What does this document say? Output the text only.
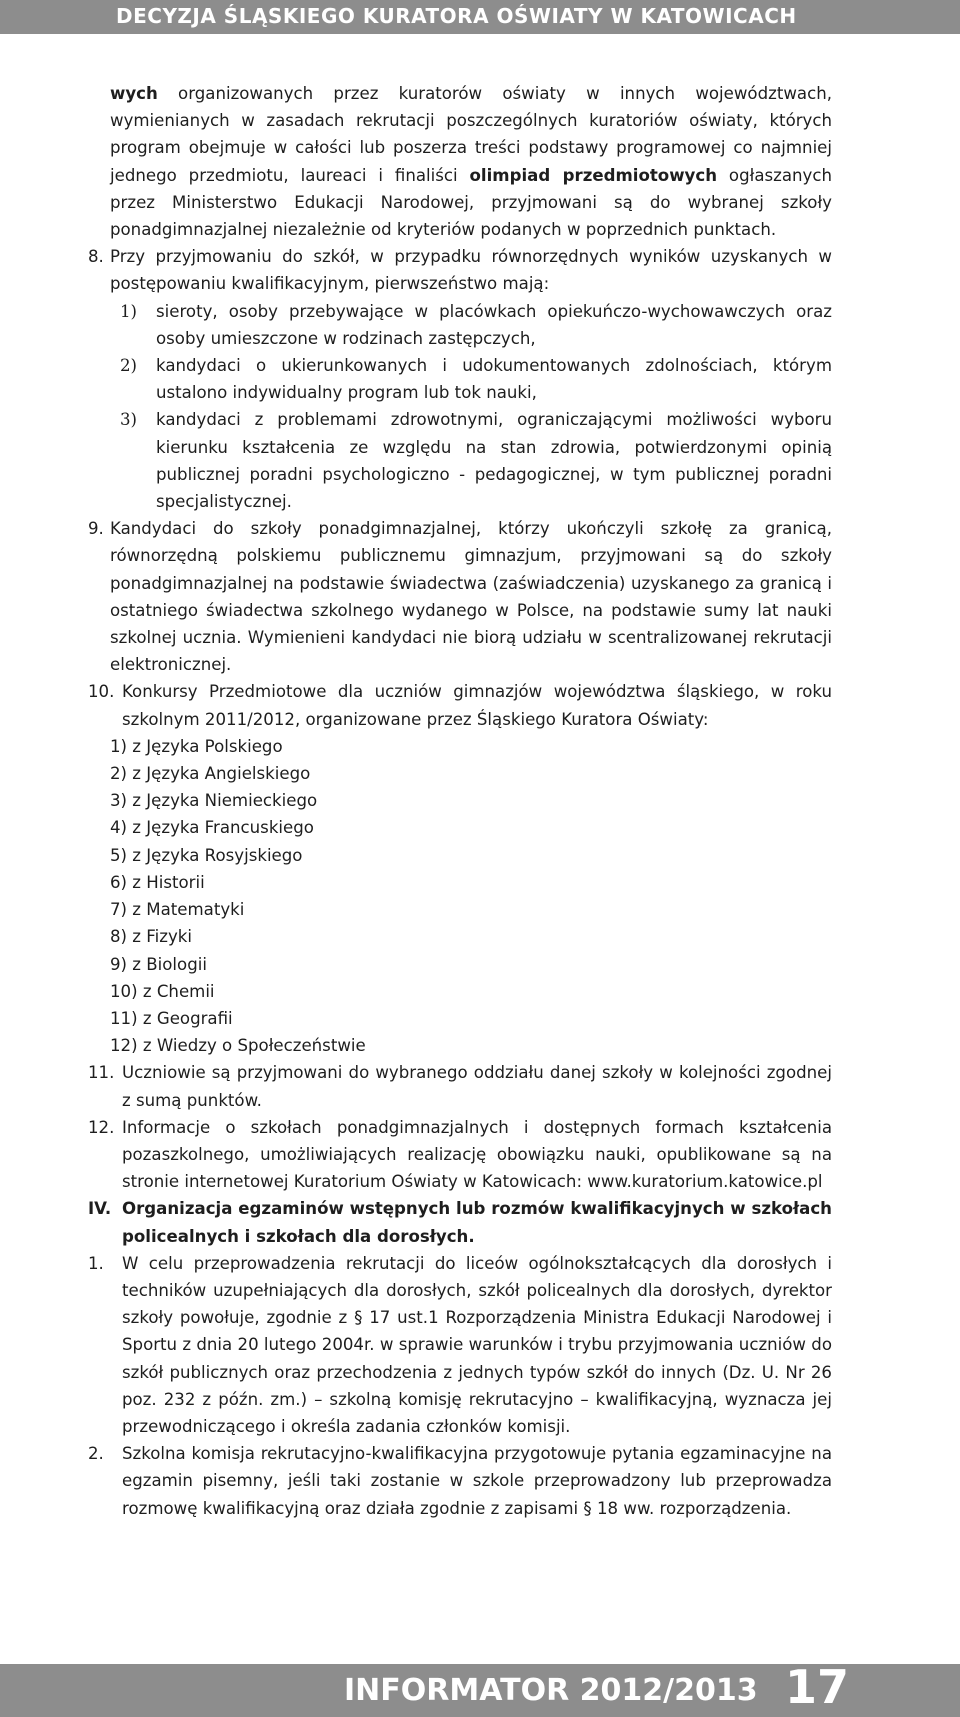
DECYZJA ŚLĄSKIEGO KURATORA OŚWIATY W KATOWICACH

wych organizowanych przez kuratorów oświaty w innych województwach, wymienianych w zasadach rekrutacji poszczególnych kuratoriów oświaty, których program obejmuje w całości lub poszerza treści podstawy programowej co najmniej jednego przedmiotu, laureaci i finaliści olimpiad przedmiotowych ogłaszanych przez Ministerstwo Edukacji Narodowej, przyjmowani są do wybranej szkoły ponadgimnazjalnej niezależnie od kryteriów podanych w poprzednich punktach.

8. Przy przyjmowaniu do szkół, w przypadku równorzędnych wyników uzyskanych w postępowaniu kwalifikacyjnym, pierwszeństwo mają:

1)	sieroty, osoby przebywające w placówkach opiekuńczo-wychowawczych oraz osoby umieszczone w rodzinach zastępczych,
2)	kandydaci o ukierunkowanych i udokumentowanych zdolnościach, którym ustalono indywidualny program lub tok nauki,
3)	kandydaci z problemami zdrowotnymi, ograniczającymi możliwości wyboru kierunku kształcenia ze względu na stan zdrowia, potwierdzonymi opinią publicznej poradni psychologiczno - pedagogicznej, w tym publicznej poradni specjalistycznej.
9. Kandydaci do szkoły ponadgimnazjalnej, którzy ukończyli szkołę za granicą, równorzędną polskiemu publicznemu gimnazjum, przyjmowani są do szkoły ponadgimnazjalnej na podstawie świadectwa (zaświadczenia) uzyskanego za granicą i ostatniego świadectwa szkolnego wydanego w Polsce, na podstawie sumy lat nauki szkolnej ucznia. Wymienieni kandydaci nie biorą udziału w scentralizowanej rekrutacji elektronicznej.

10. Konkursy Przedmiotowe dla uczniów gimnazjów województwa śląskiego, w roku szkolnym 2011/2012, organizowane przez Śląskiego Kuratora Oświaty:

1) z Języka Polskiego
2) z Języka Angielskiego
3) z Języka Niemieckiego
4) z Języka Francuskiego
5) z Języka Rosyjskiego
6) z Historii
7) z Matematyki
8) z Fizyki
9) z Biologii
10) z Chemii
11) z Geografii
12) z Wiedzy o Społeczeństwie
11. Uczniowie są przyjmowani do wybranego oddziału danej szkoły w kolejności zgodnej z sumą punktów.

12. Informacje o szkołach ponadgimnazjalnych i dostępnych formach kształcenia pozaszkolnego, umożliwiających realizację obowiązku nauki, opublikowane są na stronie internetowej Kuratorium Oświaty w Katowicach: www.kuratorium.katowice.pl

IV. Organizacja egzaminów wstępnych lub rozmów kwalifikacyjnych w szkołach policealnych i szkołach dla dorosłych.

1.	W celu przeprowadzenia rekrutacji do liceów ogólnokształcących dla dorosłych i techników uzupełniających dla dorosłych, szkół policealnych dla dorosłych, dyrektor szkoły powołuje, zgodnie z § 17 ust.1 Rozporządzenia Ministra Edukacji Narodowej i Sportu z dnia 20 lutego 2004r. w sprawie warunków i trybu przyjmowania uczniów do szkół publicznych oraz przechodzenia z jednych typów szkół do innych (Dz. U. Nr 26 poz. 232 z późn. zm.) – szkolną komisję rekrutacyjno – kwalifikacyjną, wyznacza jej przewodniczącego i określa zadania członków komisji.

2.	Szkolna komisja rekrutacyjno-kwalifikacyjna przygotowuje pytania egzaminacyjne na egzamin pisemny, jeśli taki zostanie w szkole przeprowadzony lub przeprowadza rozmowę kwalifikacyjną oraz działa zgodnie z zapisami § 18 ww. rozporządzenia.

INFORMATOR 2012/2013 17
